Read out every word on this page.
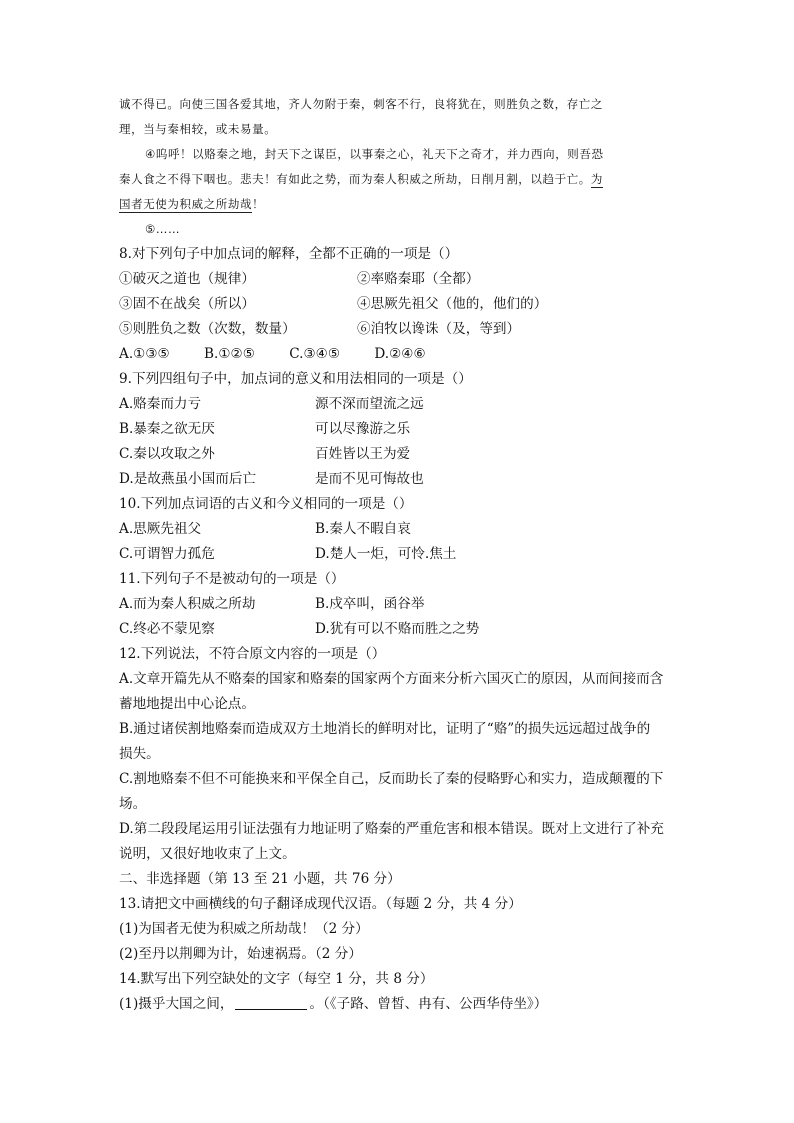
诚不得已。向使三国各爱其地，齐人勿附于秦，刺客不行，良将犹在，则胜负之数，存亡之
理，当与秦相较，或未易量。
④呜呼！以赂秦之地，封天下之谋臣，以事秦之心，礼天下之奇才，并力西向，则吾恐
秦人食之不得下咽也。悲夫！有如此之势，而为秦人积威之所劫，日削月割，以趋于亡。为
国者无使为积威之所劫哉！
⑤……
8.对下列句子中加点词的解释，全都不正确的一项是（）
①破灭之道也（规律）	②率赂秦耶（全都）
③固不在战矣（所以）	④思厥先祖父（他的，他们的）
⑤则胜负之数（次数，数量）	⑥洎牧以谗诛（及，等到）
A.①③⑤	B.①②⑤	C.③④⑤	D.②④⑥
9.下列四组句子中，加点词的意义和用法相同的一项是（）
A.赂秦而力亏	源不深而望流之远
B.暴秦之欲无厌	可以尽豫游之乐
C.秦以攻取之外	百姓皆以王为爱
D.是故燕虽小国而后亡	是而不见可悔故也
10.下列加点词语的古义和今义相同的一项是（）
A.思厥先祖父	B.秦人不暇自哀
C.可谓智力孤危	D.楚人一炬，可怜.焦土
11.下列句子不是被动句的一项是（）
A.而为秦人积威之所劫	B.戍卒叫，函谷举
C.终必不蒙见察	D.犹有可以不赂而胜之之势
12.下列说法，不符合原文内容的一项是（）
A.文章开篇先从不赂秦的国家和赂秦的国家两个方面来分析六国灭亡的原因，从而间接而含
蓄地地提出中心论点。
B.通过诸侯割地赂秦而造成双方土地消长的鲜明对比，证明了“赂”的损失远远超过战争的
损失。
C.割地赂秦不但不可能换来和平保全自己，反而助长了秦的侵略野心和实力，造成颠覆的下
场。
D.第二段段尾运用引证法强有力地证明了赂秦的严重危害和根本错误。既对上文进行了补充
说明，又很好地收束了上文。
二、非选择题（第 13 至 21 小题，共 76 分）
13.请把文中画横线的句子翻译成现代汉语。（每题 2 分，共 4 分）
(1)为国者无使为积威之所劫哉！（2 分）
(2)至丹以荆卿为计，始速祸焉。（2 分）
14.默写出下列空缺处的文字（每空 1 分，共 8 分）
(1)摄乎大国之间，	。（《子路、曾皙、冉有、公西华侍坐》）
